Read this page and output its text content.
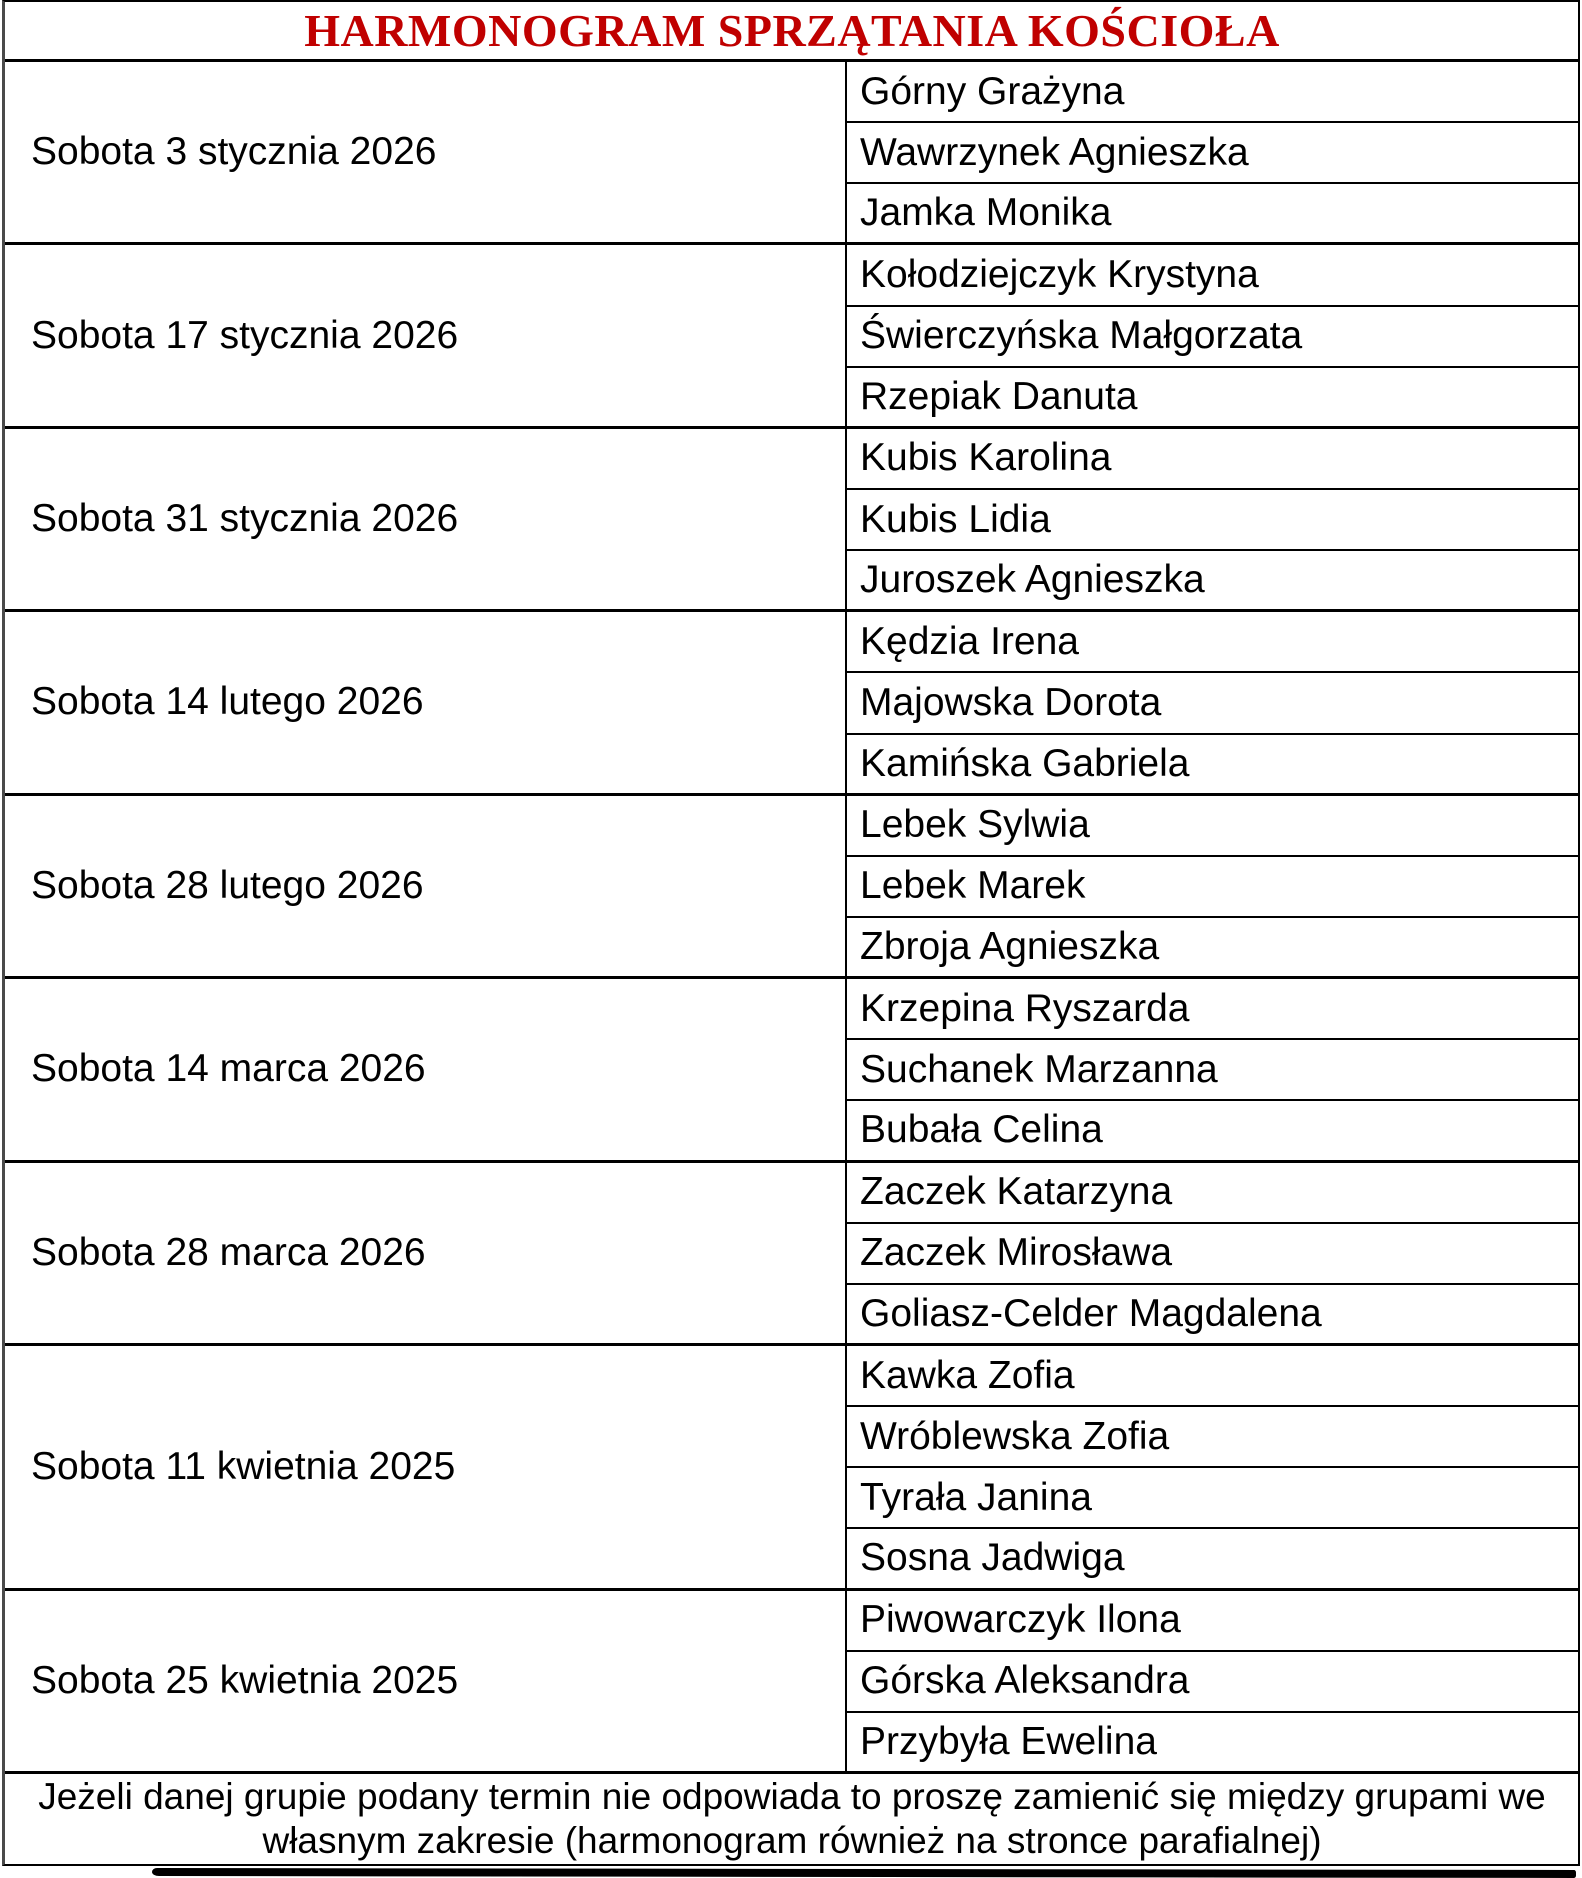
HARMONOGRAM SPRZĄTANIA KOŚCIOŁA
Sobota 3 stycznia 2026
Górny Grażyna
Wawrzynek Agnieszka
Jamka Monika
Sobota 17 stycznia 2026
Kołodziejczyk Krystyna
Świerczyńska Małgorzata
Rzepiak Danuta
Sobota 31 stycznia 2026
Kubis Karolina
Kubis Lidia
Juroszek Agnieszka
Sobota 14 lutego 2026
Kędzia Irena
Majowska Dorota
Kamińska Gabriela
Sobota 28 lutego 2026
Lebek Sylwia
Lebek Marek
Zbroja Agnieszka
Sobota 14 marca 2026
Krzepina Ryszarda
Suchanek Marzanna
Bubała Celina
Sobota 28 marca 2026
Zaczek Katarzyna
Zaczek Mirosława
Goliasz-Celder Magdalena
Sobota 11 kwietnia 2025
Kawka Zofia
Wróblewska Zofia
Tyrała Janina
Sosna Jadwiga
Sobota 25 kwietnia 2025
Piwowarczyk Ilona
Górska Aleksandra
Przybyła Ewelina
Jeżeli danej grupie podany termin nie odpowiada to proszę zamienić się między grupami we
własnym zakresie (harmonogram również na stronce parafialnej)
